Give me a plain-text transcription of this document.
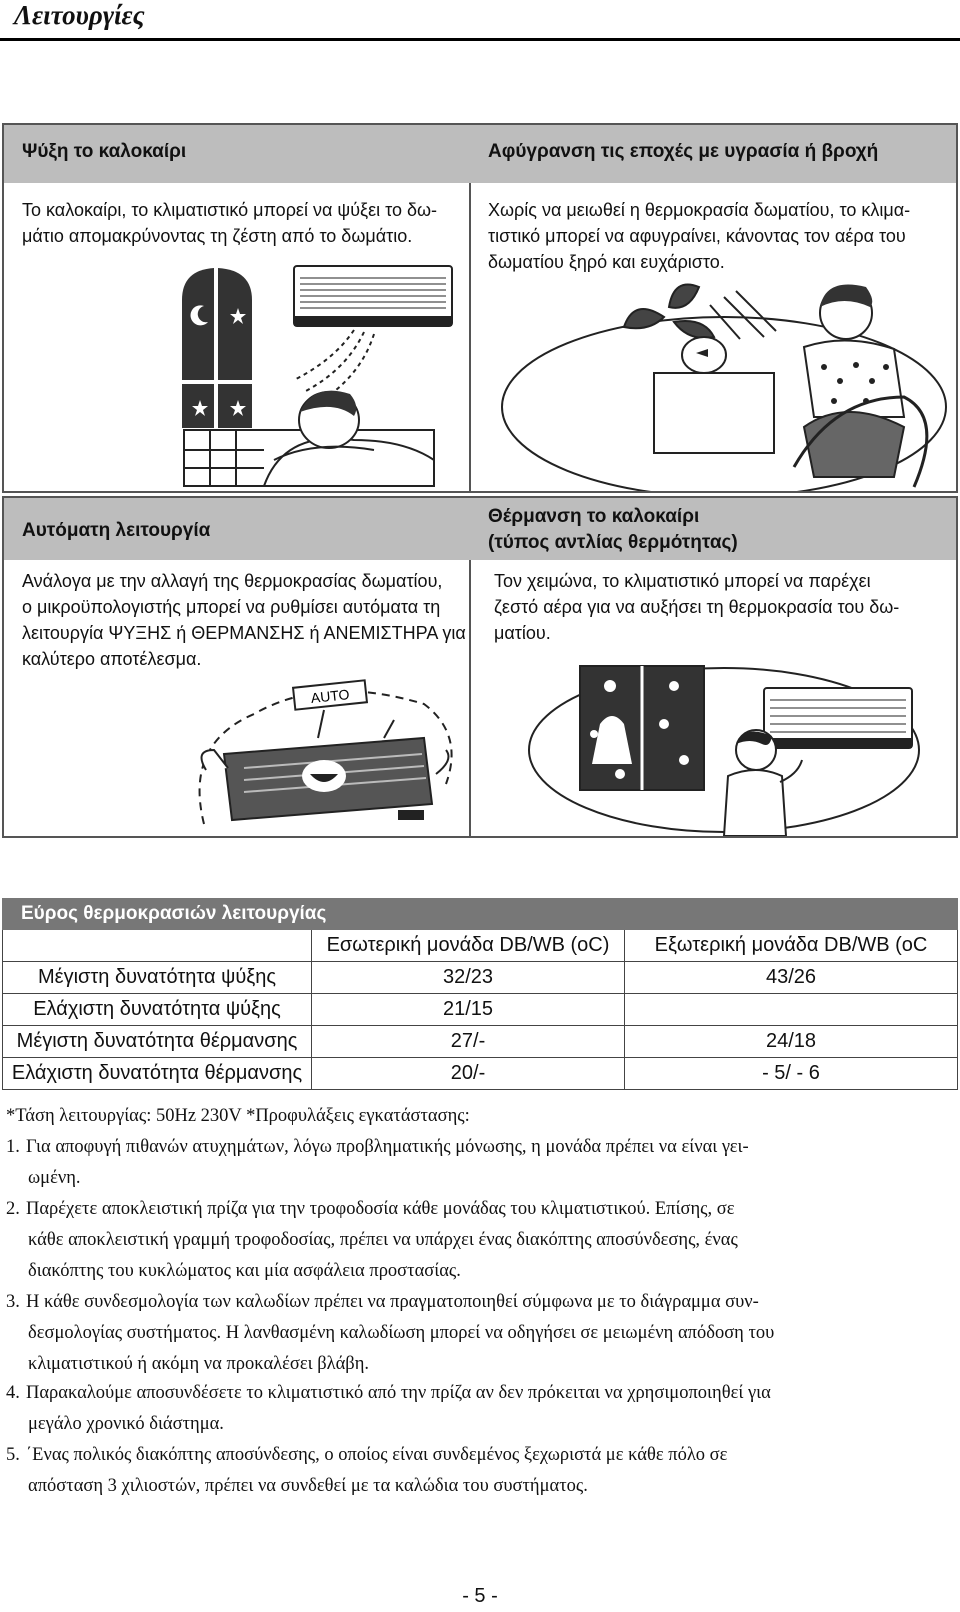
Λειτουργίες
Ψύξη το καλοκαίρι	Αφύγρανση τις εποχές με υγρασία ή βροχή
Το καλοκαίρι, το κλιματιστικό μπορεί να ψύξει το δω-
μάτιο απομακρύνοντας τη ζέστη από το δωμάτιο.
Χωρίς να μειωθεί η θερμοκρασία δωματίου, το κλιμα-
τιστικό μπορεί να αφυγραίνει, κάνοντας τον αέρα του
δωματίου ξηρό και ευχάριστο.
Αυτόματη λειτουργία
Θέρμανση το καλοκαίρι
(τύπος αντλίας θερμότητας)
Ανάλογα με την αλλαγή της θερμοκρασίας δωματίου,
ο μικροϋπολογιστής μπορεί να ρυθμίσει αυτόματα τη
λειτουργία ΨΥΞΗΣ ή ΘΕΡΜΑΝΣΗΣ ή ΑΝΕΜΙΣΤΗΡΑ για
καλύτερο αποτέλεσμα.
Τον χειμώνα, το κλιματιστικό μπορεί να παρέχει
ζεστό αέρα για να αυξήσει τη θερμοκρασία του δω-
ματίου.
AUTO
Εύρος θερμοκρασιών λειτουργίας		
	Εσωτερική μονάδα DB/WB (oC)	Εξωτερική μονάδα DB/WB (oC
Μέγιστη δυνατότητα ψύξης	32/23	43/26
Ελάχιστη δυνατότητα ψύξης	21/15	
Μέγιστη δυνατότητα θέρμανσης	27/-	24/18
Ελάχιστη δυνατότητα θέρμανσης	20/-	- 5/ - 6
*Τάση λειτουργίας: 50Hz 230V *Προφυλάξεις εγκατάστασης:
1. Για αποφυγή πιθανών ατυχημάτων, λόγω προβληματικής μόνωσης, η μονάδα πρέπει να είναι γει-
ωμένη.
2. Παρέχετε αποκλειστική πρίζα για την τροφοδοσία κάθε μονάδας του κλιματιστικού. Επίσης, σε
κάθε αποκλειστική γραμμή τροφοδοσίας, πρέπει να υπάρχει ένας διακόπτης αποσύνδεσης, ένας
διακόπτης του κυκλώματος και μία ασφάλεια προστασίας.
3. Η κάθε συνδεσμολογία των καλωδίων πρέπει να πραγματοποιηθεί σύμφωνα με το διάγραμμα συν-
δεσμολογίας συστήματος. Η λανθασμένη καλωδίωση μπορεί να οδηγήσει σε μειωμένη απόδοση του
κλιματιστικού ή ακόμη να προκαλέσει βλάβη.
4. Παρακαλούμε αποσυνδέσετε το κλιματιστικό από την πρίζα αν δεν πρόκειται να χρησιμοποιηθεί για
μεγάλο χρονικό διάστημα.
5. ΄Ενας πολικός διακόπτης αποσύνδεσης, ο οποίος είναι συνδεμένος ξεχωριστά με κάθε πόλο σε
απόσταση 3 χιλιοστών, πρέπει να συνδεθεί με τα καλώδια του συστήματος.
- 5 -
